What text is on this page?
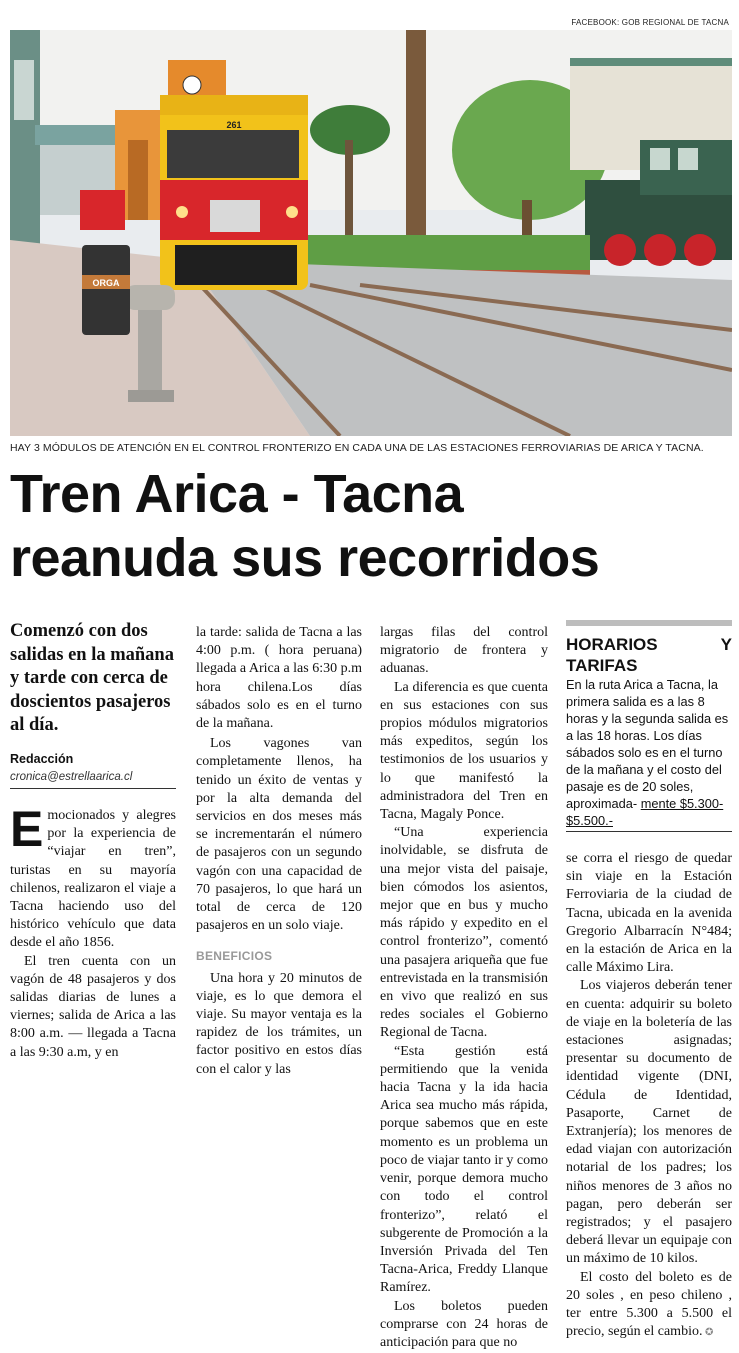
FACEBOOK: GOB REGIONAL DE TACNA
261
ORGA
HAY 3 MÓDULOS DE ATENCIÓN EN EL CONTROL FRONTERIZO EN CADA UNA DE LAS ESTACIONES FERROVIARIAS DE ARICA Y TACNA.
Tren Arica - Tacna
reanuda sus recorridos

Comenzó con dos salidas en la mañana y tarde con cerca de doscientos pasajeros al día.

Redacción
cronica@estrellaarica.cl

Emocionados y alegres por la experiencia de “viajar en tren”, turistas en su mayoría chilenos, realizaron el viaje a Tacna haciendo uso del histórico vehículo que data desde el año 1856.

El tren cuenta con un vagón de 48 pasajeros y dos salidas diarias de lunes a viernes; salida de Arica a las 8:00 a.m. — llegada a Tacna a las 9:30 a.m, y en

la tarde: salida de Tacna a las 4:00 p.m. ( hora peruana) llegada a Arica a las 6:30 p.m hora chilena.Los días sábados solo es en el turno de la mañana.

Los vagones van completamente llenos, ha tenido un éxito de ventas y por la alta demanda del servicios en dos meses más se incrementarán el número de pasajeros con un segundo vagón con una capacidad de 70 pasajeros, lo que hará un total de cerca de 120 pasajeros en un solo viaje.

BENEFICIOS

Una hora y 20 minutos de viaje, es lo que demora el viaje. Su mayor ventaja es la rapidez de los trámites, un factor positivo en estos días con el calor y las

largas filas del control migratorio de frontera y aduanas.

La diferencia es que cuenta en sus estaciones con sus propios módulos migratorios más expeditos, según los testimonios de los usuarios y lo que manifestó la administradora del Tren en Tacna, Magaly Ponce.

“Una experiencia inolvidable, se disfruta de una mejor vista del paisaje, bien cómodos los asientos, mejor que en bus y mucho más rápido y expedito en el control fronterizo”, comentó una pasajera ariqueña que fue entrevistada en la transmisión en vivo que realizó en sus redes sociales el Gobierno Regional de Tacna.

“Esta gestión está permitiendo que la venida hacia Tacna y la ida hacia Arica sea mucho más rápida, porque sabemos que en este momento es un problema un poco de viajar tanto ir y como venir, porque demora mucho con todo el control fronterizo”, relató el subgerente de Promoción a la Inversión Privada del Ten Tacna-Arica, Freddy Llanque Ramírez.

Los boletos pueden comprarse con 24 horas de anticipación para que no

HORARIOS Y TARIFAS

En la ruta Arica a Tacna, la primera salida es a las 8 horas y la segunda salida es a las 18 horas. Los días sábados solo es en el turno de la mañana y el costo del pasaje es de 20 soles, aproximada- mente $5.300- $5.500.-

se corra el riesgo de quedar sin viaje en la Estación Ferroviaria de la ciudad de Tacna, ubicada en la avenida Gregorio Albarracín N°484; en la estación de Arica en la calle Máximo Lira.

Los viajeros deberán tener en cuenta: adquirir su boleto de viaje en la boletería de las estaciones asignadas; presentar su documento de identidad vigente (DNI, Cédula de Identidad, Pasaporte, Carnet de Extranjería); los menores de edad viajan con autorización notarial de los padres; los niños menores de 3 años no pagan, pero deberán ser registrados; y el pasajero deberá llevar un equipaje con un máximo de 10 kilos.

El costo del boleto es de 20 soles , en peso chileno , ter entre 5.300 a 5.500 el precio, según el cambio. ✪
